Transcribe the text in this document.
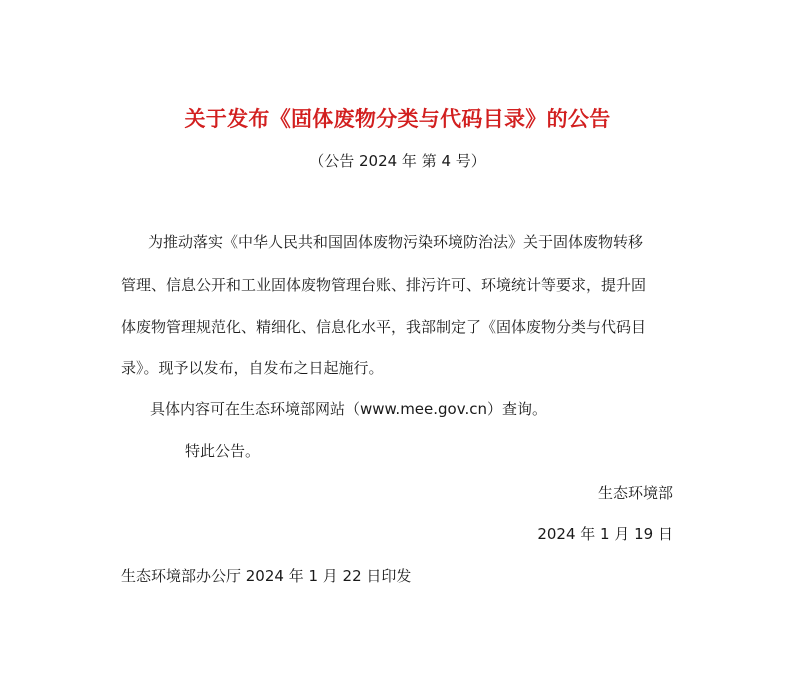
关于发布《固体废物分类与代码目录》的公告
（公告 2024 年 第 4 号）
为推动落实《中华人民共和国固体废物污染环境防治法》关于固体废物转移
管理、信息公开和工业固体废物管理台账、排污许可、环境统计等要求，提升固
体废物管理规范化、精细化、信息化水平，我部制定了《固体废物分类与代码目
录》。现予以发布，自发布之日起施行。
具体内容可在生态环境部网站（www.mee.gov.cn）查询。
特此公告。
生态环境部
2024 年 1 月 19 日
生态环境部办公厅 2024 年 1 月 22 日印发
